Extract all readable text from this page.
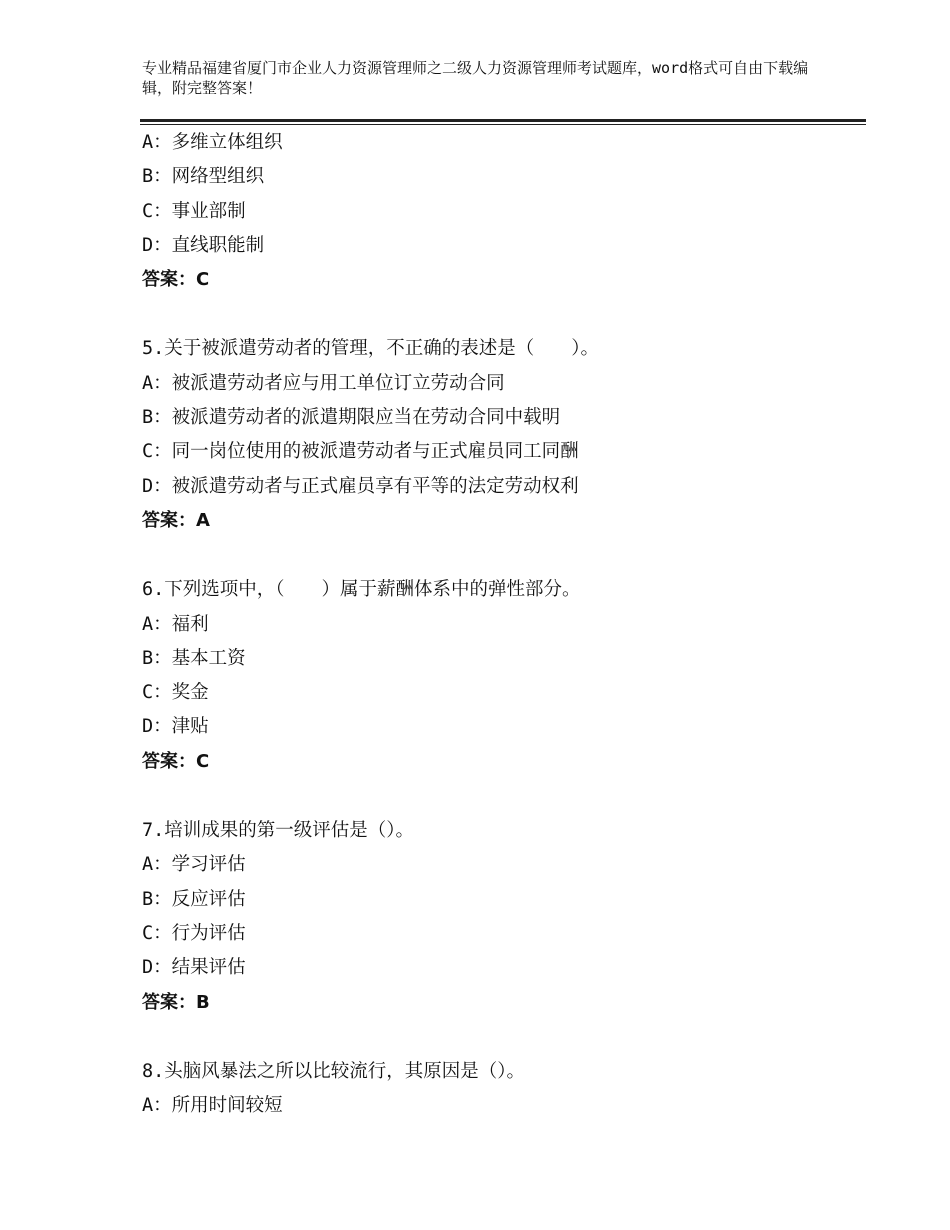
专业精品福建省厦门市企业人力资源管理师之二级人力资源管理师考试题库，word格式可自由下载编辑，附完整答案！
A：多维立体组织
B：网络型组织
C：事业部制
D：直线职能制
答案：C
5.关于被派遣劳动者的管理，不正确的表述是（　　）。
A：被派遣劳动者应与用工单位订立劳动合同
B：被派遣劳动者的派遣期限应当在劳动合同中载明
C：同一岗位使用的被派遣劳动者与正式雇员同工同酬
D：被派遣劳动者与正式雇员享有平等的法定劳动权利
答案：A
6.下列选项中，（　　）属于薪酬体系中的弹性部分。
A：福利
B：基本工资
C：奖金
D：津贴
答案：C
7.培训成果的第一级评估是（）。
A：学习评估
B：反应评估
C：行为评估
D：结果评估
答案：B
8.头脑风暴法之所以比较流行，其原因是（）。
A：所用时间较短
